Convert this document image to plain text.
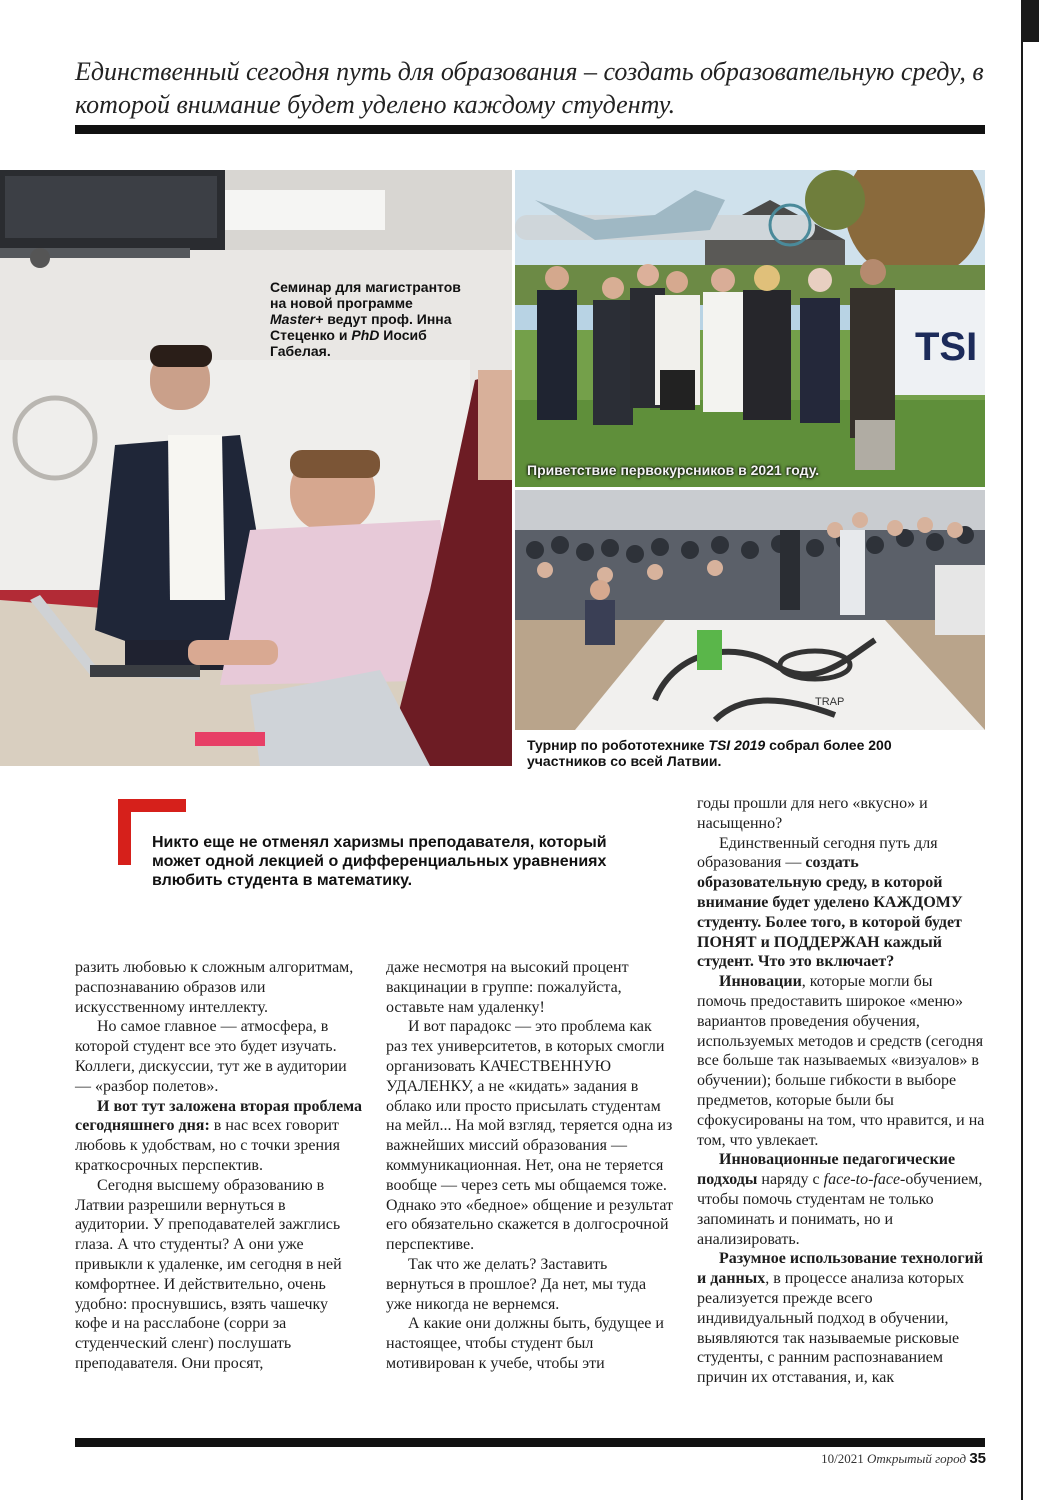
Единственный сегодня путь для образования – создать образовательную среду, в которой внимание будет уделено каждому студенту.

Семинар для магистрантов на новой программе Master+ ведут проф. Инна Стеценко и PhD Иосиб Габелая.	TSI
Приветствие первокурсников в 2021 году.
TRAP
Турнир по робототехнике TSI 2019 собрал более 200 участников со всей Латвии.

Никто еще не отменял харизмы преподавателя, который может одной лекцией о дифференциальных уравнениях влюбить студента в математику.

разить любовью к сложным алгоритмам, распознаванию образов или искусственному интеллекту.

Но самое главное — атмосфера, в которой студент все это будет изучать. Коллеги, дискуссии, тут же в аудитории — «разбор полетов».

И вот тут заложена вторая проблема сегодняшнего дня: в нас всех говорит любовь к удобствам, но с точки зрения краткосрочных перспектив.

Сегодня высшему образованию в Латвии разрешили вернуться в аудитории. У преподавателей зажглись глаза. А что студенты? А они уже привыкли к удаленке, им сегодня в ней комфортнее. И действительно, очень удобно: проснувшись, взять чашечку кофе и на расслабоне (сорри за студенческий сленг) послушать преподавателя. Они просят,

даже несмотря на высокий процент вакцинации в группе: пожалуйста, оставьте нам удаленку!

И вот парадокс — это проблема как раз тех университетов, в которых смогли организовать КАЧЕСТВЕННУЮ УДАЛЕНКУ, а не «кидать» задания в облако или просто присылать студентам на мейл... На мой взгляд, теряется одна из важнейших миссий образования — коммуникационная. Нет, она не теряется вообще — через сеть мы общаемся тоже. Однако это «бедное» общение и результат его обязательно скажется в долгосрочной перспективе.

Так что же делать? Заставить вернуться в прошлое? Да нет, мы туда уже никогда не вернемся.

А какие они должны быть, будущее и настоящее, чтобы студент был мотивирован к учебе, чтобы эти

годы прошли для него «вкусно» и насыщенно?

Единственный сегодня путь для образования — создать образовательную среду, в которой внимание будет уделено КАЖДОМУ студенту. Более того, в которой будет ПОНЯТ и ПОДДЕРЖАН каждый студент. Что это включает?

Инновации, которые могли бы помочь предоставить широкое «меню» вариантов проведения обучения, используемых методов и средств (сегодня все больше так называемых «визуалов» в обучении); больше гибкости в выборе предметов, которые были бы сфокусированы на том, что нравится, и на том, что увлекает.

Инновационные педагогические подходы наряду с face-to-face-обучением, чтобы помочь студентам не только запоминать и понимать, но и анализировать.

Разумное использование технологий и данных, в процессе анализа которых реализуется прежде всего индивидуальный подход в обучении, выявляются так называемые рисковые студенты, с ранним распознаванием причин их отставания, и, как

10/2021 Открытый город 35
